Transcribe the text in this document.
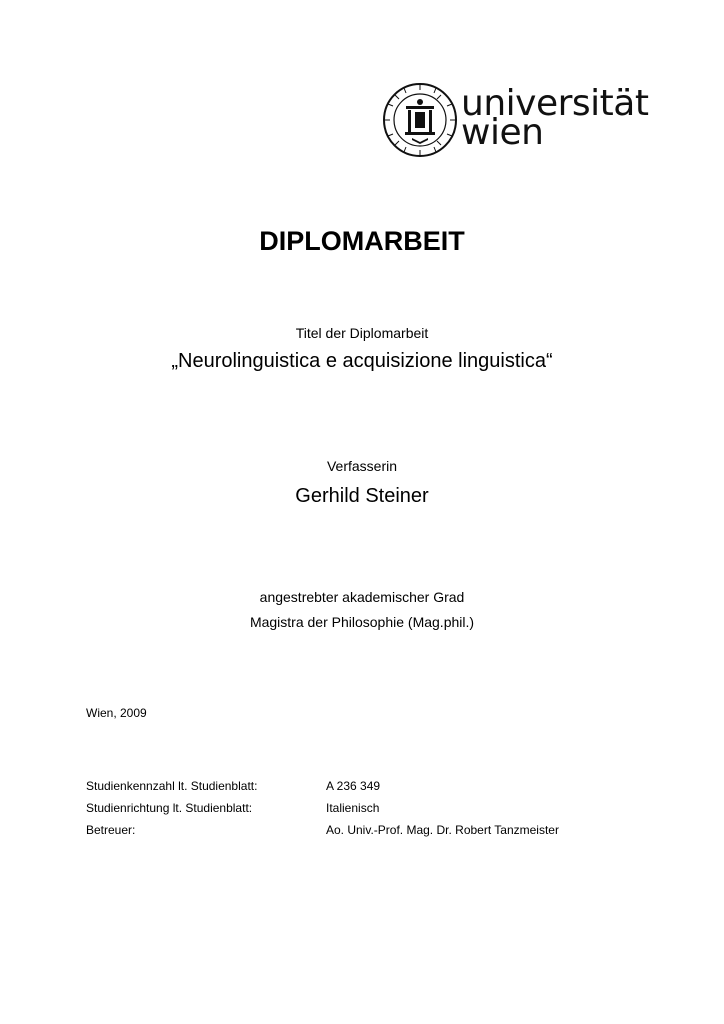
universität
wien
DIPLOMARBEIT
Titel der Diplomarbeit
„Neurolinguistica e acquisizione linguistica“
Verfasserin
Gerhild Steiner
angestrebter akademischer Grad
Magistra der Philosophie (Mag.phil.)
Wien, 2009
Studienkennzahl lt. Studienblatt:	A 236 349
Studienrichtung lt. Studienblatt:	Italienisch
Betreuer:	Ao. Univ.-Prof. Mag. Dr. Robert Tanzmeister
